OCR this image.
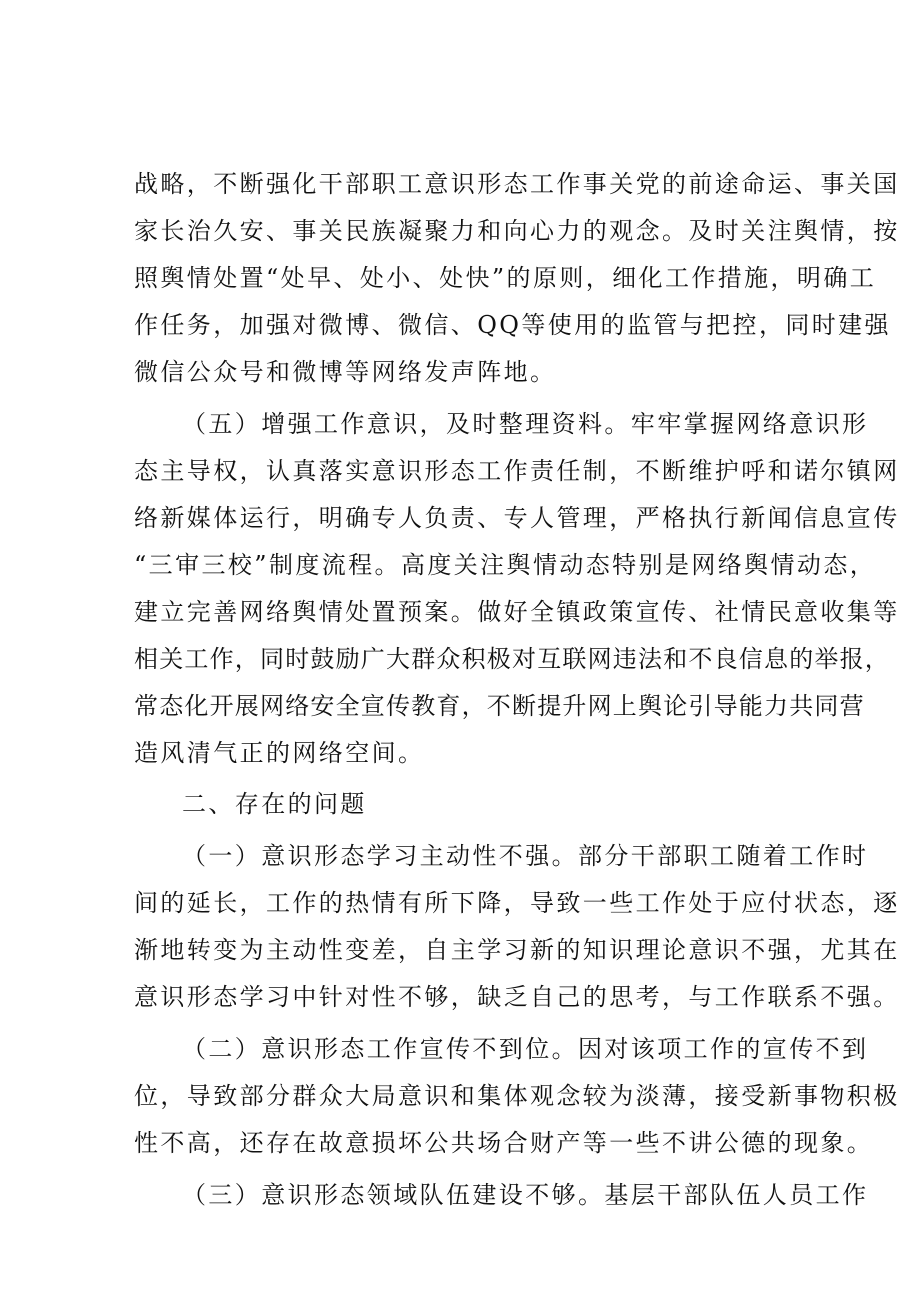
战略，不断强化干部职工意识形态工作事关党的前途命运、事关国
家长治久安、事关民族凝聚力和向心力的观念。及时关注舆情，按
照舆情处置“处早、处小、处快”的原则，细化工作措施，明确工
作任务，加强对微博、微信、QQ等使用的监管与把控，同时建强
微信公众号和微博等网络发声阵地。
（五）增强工作意识，及时整理资料。牢牢掌握网络意识形
态主导权，认真落实意识形态工作责任制，不断维护呼和诺尔镇网
络新媒体运行，明确专人负责、专人管理，严格执行新闻信息宣传
“三审三校”制度流程。高度关注舆情动态特别是网络舆情动态，
建立完善网络舆情处置预案。做好全镇政策宣传、社情民意收集等
相关工作，同时鼓励广大群众积极对互联网违法和不良信息的举报，
常态化开展网络安全宣传教育，不断提升网上舆论引导能力共同营
造风清气正的网络空间。
二、存在的问题
（一）意识形态学习主动性不强。部分干部职工随着工作时
间的延长，工作的热情有所下降，导致一些工作处于应付状态，逐
渐地转变为主动性变差，自主学习新的知识理论意识不强，尤其在
意识形态学习中针对性不够，缺乏自己的思考，与工作联系不强。
（二）意识形态工作宣传不到位。因对该项工作的宣传不到
位，导致部分群众大局意识和集体观念较为淡薄，接受新事物积极
性不高，还存在故意损坏公共场合财产等一些不讲公德的现象。
（三）意识形态领域队伍建设不够。基层干部队伍人员工作
